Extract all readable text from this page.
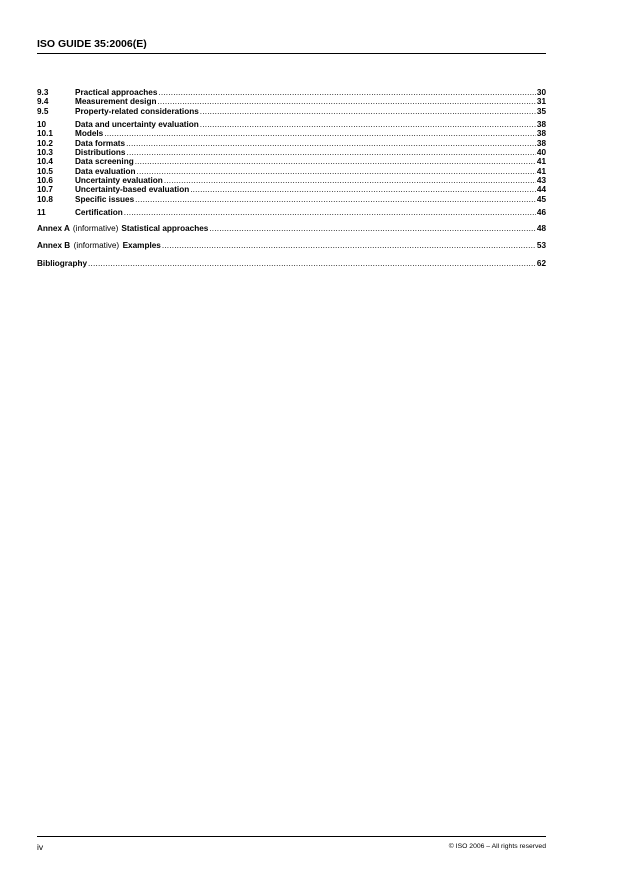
ISO GUIDE 35:2006(E)
9.3	Practical approaches .....	30
9.4	Measurement design .....	31
9.5	Property-related considerations .....	35
10	Data and uncertainty evaluation .....	38
10.1	Models .....	38
10.2	Data formats .....	38
10.3	Distributions .....	40
10.4	Data screening .....	41
10.5	Data evaluation .....	41
10.6	Uncertainty evaluation .....	43
10.7	Uncertainty-based evaluation .....	44
10.8	Specific issues .....	45
11	Certification .....	46
Annex A (informative) Statistical approaches .....	48
Annex B (informative) Examples .....	53
Bibliography .....	62
iv	© ISO 2006 – All rights reserved
